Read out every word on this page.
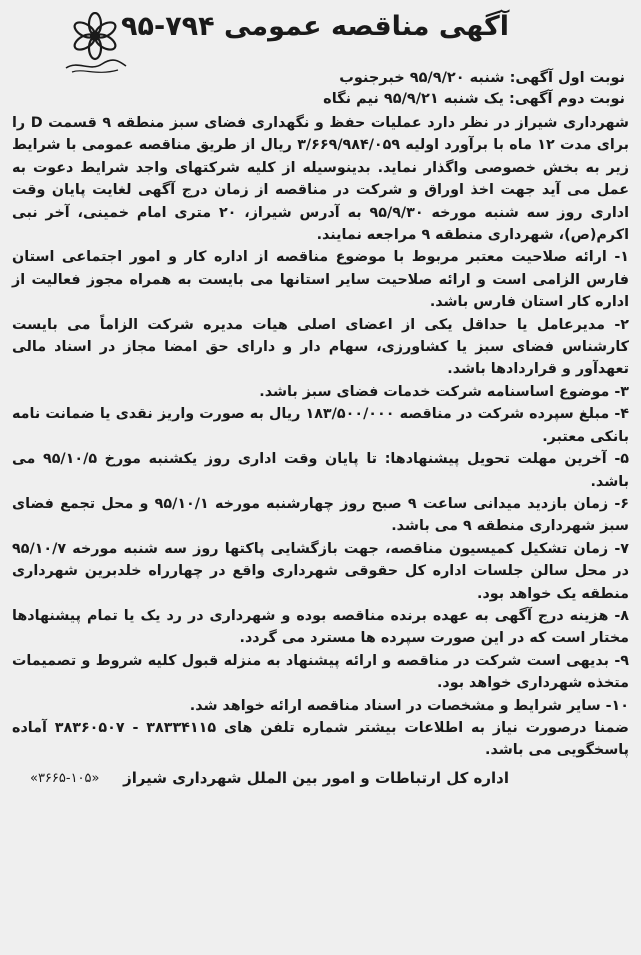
آگهی مناقصه عمومی ۷۹۴-۹۵
نوبت اول آگهی: شنبه ۹۵/۹/۲۰ خبرجنوب
نوبت دوم آگهی: یک شنبه ۹۵/۹/۲۱ نیم نگاه
شهرداری شیراز در نظر دارد عملیات حفظ و نگهداری فضای سبز منطقه ۹ قسمت D را برای مدت ۱۲ ماه با برآورد اولیه ۳/۶۶۹/۹۸۴/۰۵۹ ریال از طریق مناقصه عمومی با شرایط زیر به بخش خصوصی واگذار نماید. بدینوسیله از کلیه شرکتهای واجد شرایط دعوت به عمل می آید جهت اخذ اوراق و شرکت در مناقصه از زمان درج آگهی لغایت پایان وقت اداری روز سه شنبه مورخه ۹۵/۹/۳۰ به آدرس شیراز، ۲۰ متری امام خمینی، آخر نبی اکرم(ص)، شهرداری منطقه ۹ مراجعه نمایند.
۱- ارائه صلاحیت معتبر مربوط با موضوع مناقصه از اداره کار و امور اجتماعی استان فارس الزامی است و ارائه صلاحیت سایر استانها می بایست به همراه مجوز فعالیت از اداره کار استان فارس باشد.
۲- مدیرعامل یا حداقل یکی از اعضای اصلی هیات مدیره شرکت الزاماً می بایست کارشناس فضای سبز یا کشاورزی، سهام دار و دارای حق امضا مجاز در اسناد مالی تعهدآور و قراردادها باشد.
۳- موضوع اساسنامه شرکت خدمات فضای سبز باشد.
۴- مبلغ سپرده شرکت در مناقصه ۱۸۳/۵۰۰/۰۰۰ ریال به صورت واریز نقدی یا ضمانت نامه بانکی معتبر.
۵- آخرین مهلت تحویل پیشنهادها: تا پایان وقت اداری روز یکشنبه مورخ ۹۵/۱۰/۵ می باشد.
۶- زمان بازدید میدانی ساعت ۹ صبح روز چهارشنبه مورخه ۹۵/۱۰/۱ و محل تجمع فضای سبز شهرداری منطقه ۹ می باشد.
۷- زمان تشکیل کمیسیون مناقصه، جهت بازگشایی پاکتها روز سه شنبه مورخه ۹۵/۱۰/۷ در محل سالن جلسات اداره کل حقوقی شهرداری واقع در چهارراه خلدبرین شهرداری منطقه یک خواهد بود.
۸- هزینه درج آگهی به عهده برنده مناقصه بوده و شهرداری در رد یک یا تمام پیشنهادها مختار است که در این صورت سپرده ها مسترد می گردد.
۹- بدیهی است شرکت در مناقصه و ارائه پیشنهاد به منزله قبول کلیه شروط و تصمیمات متخذه شهرداری خواهد بود.
۱۰- سایر شرایط و مشخصات در اسناد مناقصه ارائه خواهد شد.
ضمنا درصورت نیاز به اطلاعات بیشتر شماره تلفن های ۳۸۳۳۴۱۱۵ - ۳۸۳۶۰۵۰۷ آماده پاسخگویی می باشد.
اداره کل ارتباطات و امور بین الملل شهرداری شیراز
«۳۶۶۵-۱۰۵»
